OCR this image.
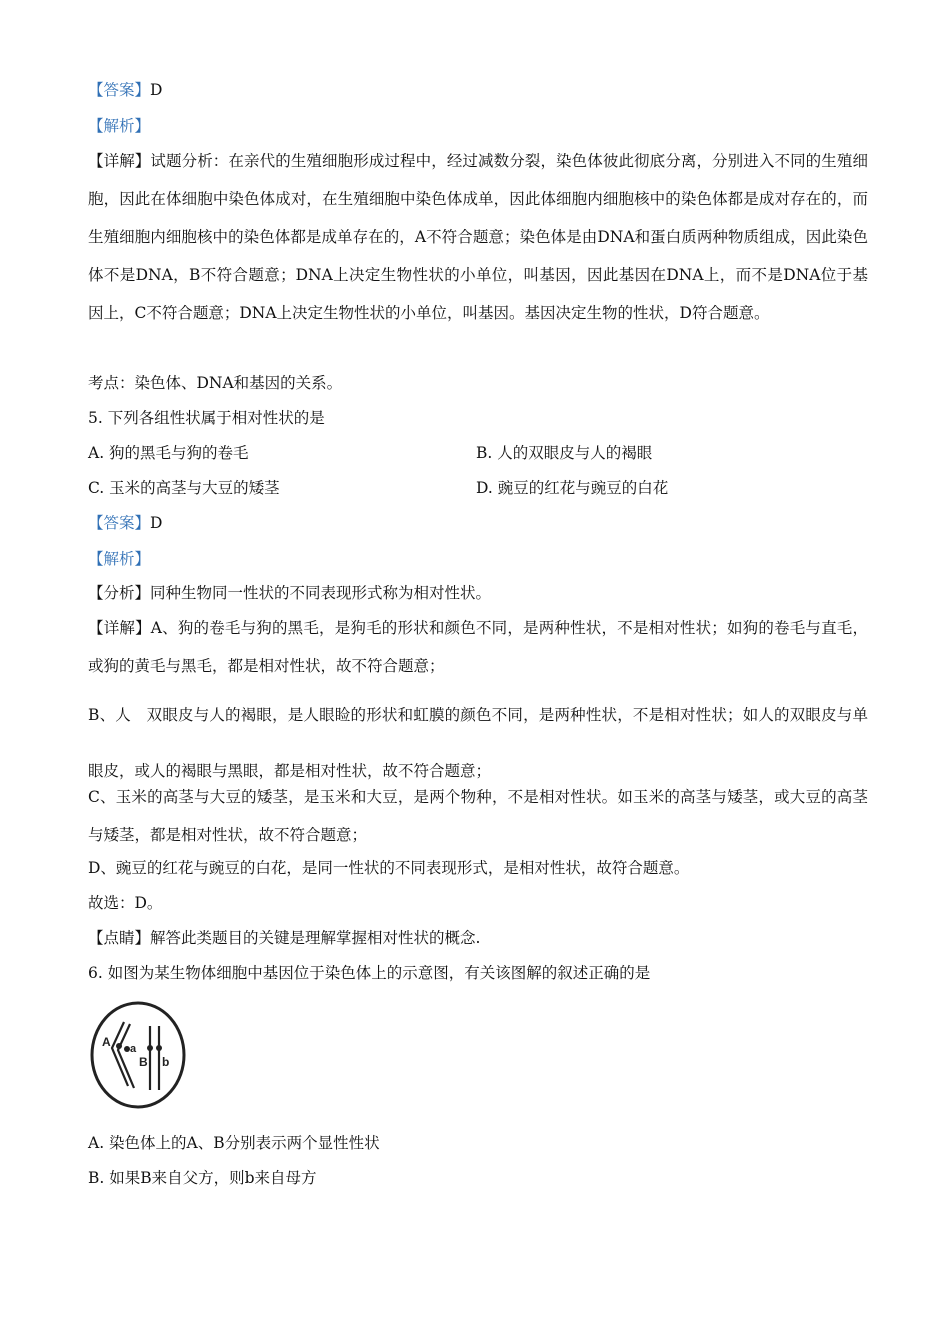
【答案】D
【解析】
【详解】试题分析：在亲代的生殖细胞形成过程中，经过减数分裂，染色体彼此彻底分离，分别进入不同的生殖细胞，因此在体细胞中染色体成对，在生殖细胞中染色体成单，因此体细胞内细胞核中的染色体都是成对存在的，而生殖细胞内细胞核中的染色体都是成单存在的，A不符合题意；染色体是由DNA和蛋白质两种物质组成，因此染色体不是DNA，B不符合题意；DNA上决定生物性状的小单位，叫基因，因此基因在DNA上，而不是DNA位于基因上，C不符合题意；DNA上决定生物性状的小单位，叫基因。基因决定生物的性状，D符合题意。
考点：染色体、DNA和基因的关系。
5. 下列各组性状属于相对性状的是
A. 狗的黑毛与狗的卷毛	B. 人的双眼皮与人的褐眼
C. 玉米的高茎与大豆的矮茎	D. 豌豆的红花与豌豆的白花
【答案】D
【解析】
【分析】同种生物同一性状的不同表现形式称为相对性状。
【详解】A、狗的卷毛与狗的黑毛，是狗毛的形状和颜色不同，是两种性状，不是相对性状；如狗的卷毛与直毛，或狗的黄毛与黑毛，都是相对性状，故不符合题意；
B、人　双眼皮与人的褐眼，是人眼睑的形状和虹膜的颜色不同，是两种性状，不是相对性状；如人的双眼皮与单眼皮，或人的褐眼与黑眼，都是相对性状，故不符合题意；
C、玉米的高茎与大豆的矮茎，是玉米和大豆，是两个物种，不是相对性状。如玉米的高茎与矮茎，或大豆的高茎与矮茎，都是相对性状，故不符合题意；
D、豌豆的红花与豌豆的白花，是同一性状的不同表现形式，是相对性状，故符合题意。
故选：D。
【点睛】解答此类题目的关键是理解掌握相对性状的概念.
6. 如图为某生物体细胞中基因位于染色体上的示意图，有关该图解的叙述正确的是
A a
B b
A. 染色体上的A、B分别表示两个显性性状
B. 如果B来自父方，则b来自母方
